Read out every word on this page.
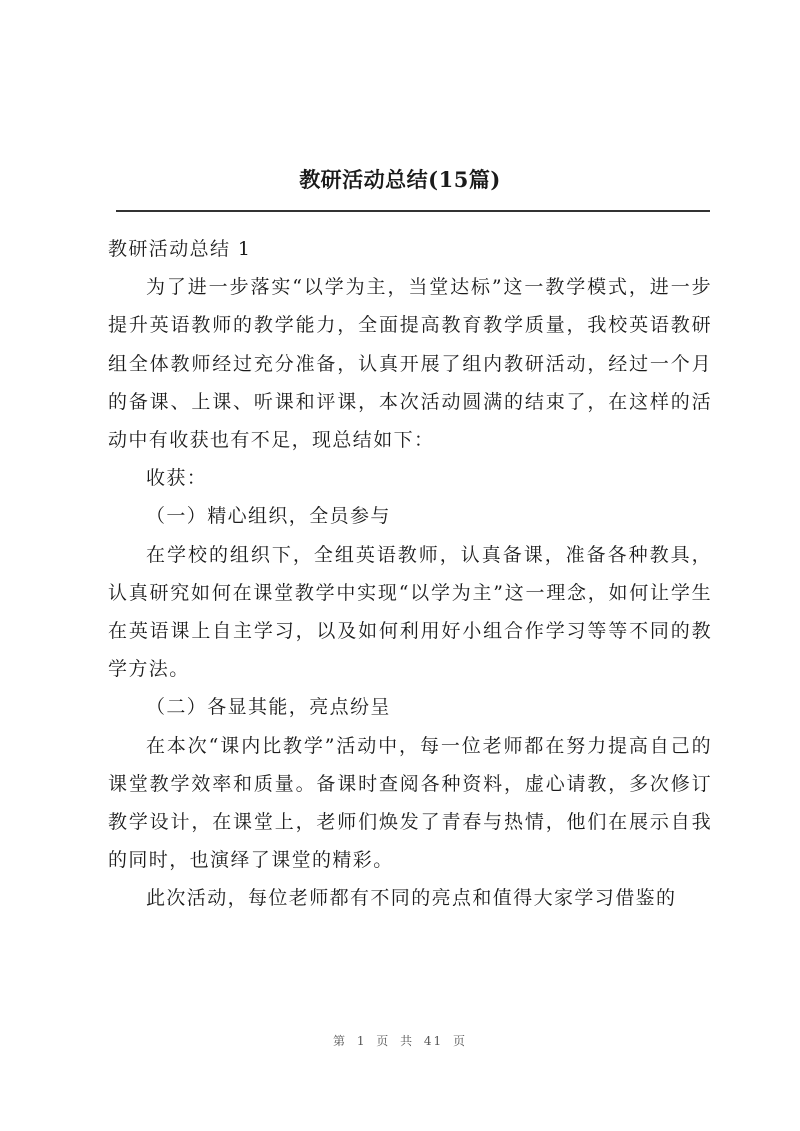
教研活动总结(15篇)

教研活动总结 1

为了进一步落实“以学为主，当堂达标”这一教学模式，进一步提升英语教师的教学能力，全面提高教育教学质量，我校英语教研组全体教师经过充分准备，认真开展了组内教研活动，经过一个月的备课、上课、听课和评课，本次活动圆满的结束了，在这样的活动中有收获也有不足，现总结如下：

收获：

（一）精心组织，全员参与

在学校的组织下，全组英语教师，认真备课，准备各种教具，认真研究如何在课堂教学中实现“以学为主”这一理念，如何让学生在英语课上自主学习，以及如何利用好小组合作学习等等不同的教学方法。

（二）各显其能，亮点纷呈

在本次“课内比教学”活动中，每一位老师都在努力提高自己的课堂教学效率和质量。备课时查阅各种资料，虚心请教，多次修订教学设计，在课堂上，老师们焕发了青春与热情，他们在展示自我的同时，也演绎了课堂的精彩。

此次活动，每位老师都有不同的亮点和值得大家学习借鉴的

第 1 页 共 41 页
